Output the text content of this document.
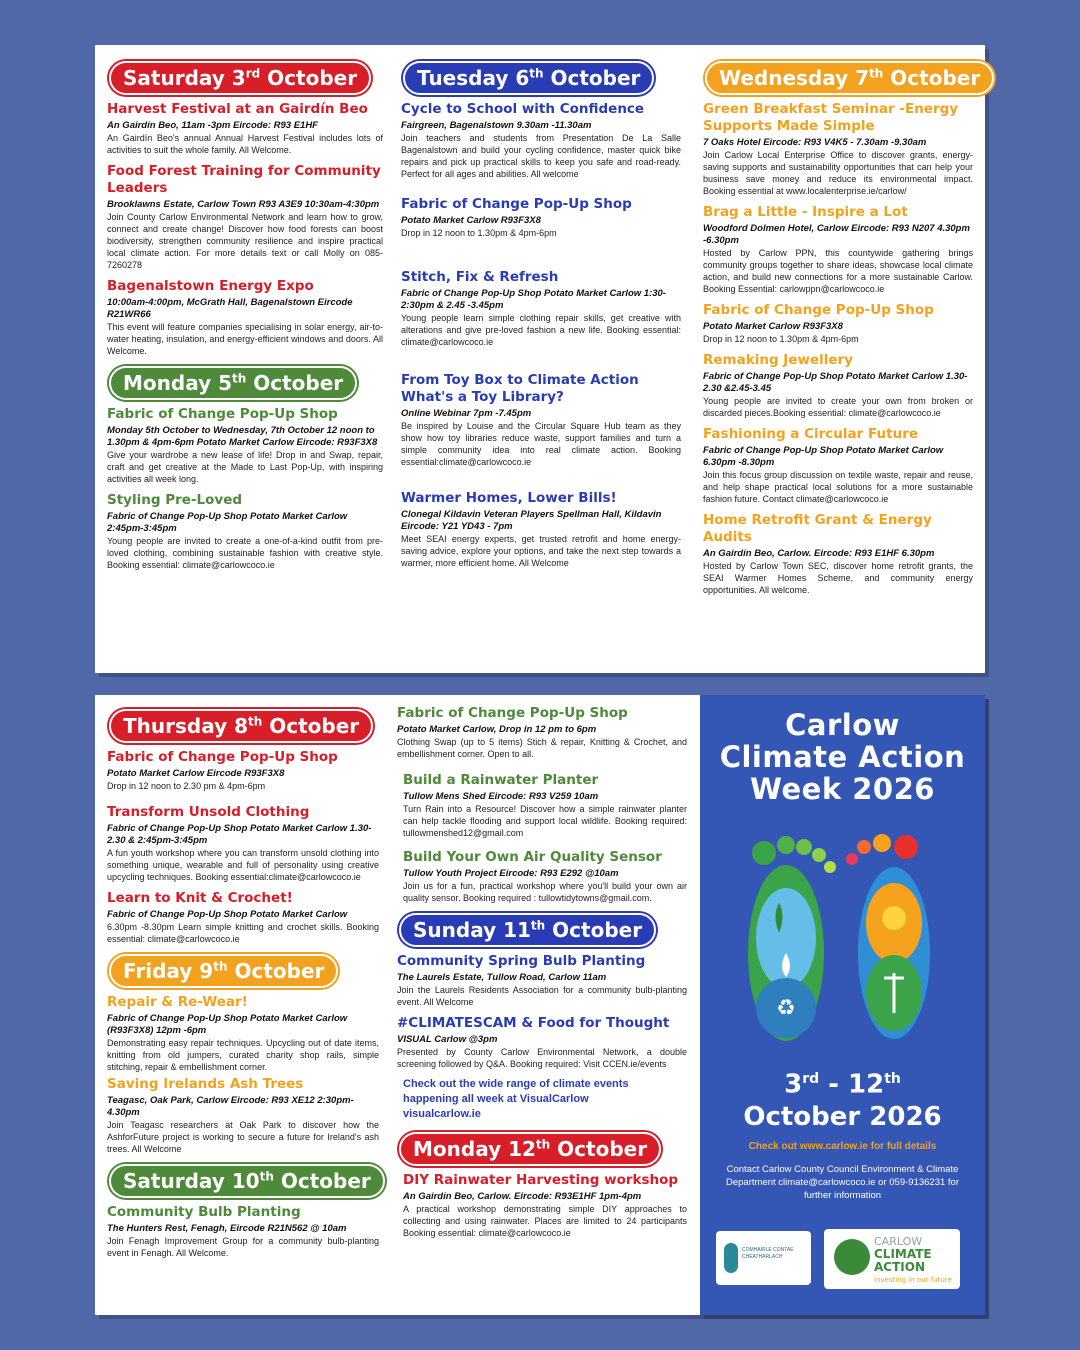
Saturday 3rd October
Harvest Festival at an Gairdín Beo

An Gairdín Beo, 11am -3pm Eircode: R93 E1HF

An Gairdín Beo's annual Annual Harvest Festival includes lots of activities to suit the whole family. All Welcome.

Food Forest Training for Community Leaders

Brooklawns Estate, Carlow Town R93 A3E9 10:30am-4:30pm

Join County Carlow Environmental Network and learn how to grow, connect and create change! Discover how food forests can boost biodiversity, strengthen community resilience and inspire practical local climate action. For more details text or call Molly on 085-7260278

Bagenalstown Energy Expo

10:00am-4:00pm, McGrath Hall, Bagenalstown Eircode R21WR66

This event will feature companies specialising in solar energy, air-to-water heating, insulation, and energy-efficient windows and doors. All Welcome.

Monday 5th October
Fabric of Change Pop-Up Shop

Monday 5th October to Wednesday, 7th October 12 noon to 1.30pm & 4pm-6pm Potato Market Carlow Eircode: R93F3X8

Give your wardrobe a new lease of life! Drop in and Swap, repair, craft and get creative at the Made to Last Pop-Up, with inspiring activities all week long.

Styling Pre-Loved

Fabric of Change Pop-Up Shop Potato Market Carlow 2:45pm-3:45pm

Young people are invited to create a one-of-a-kind outfit from pre-loved clothing, combining sustainable fashion with creative style. Booking essential: climate@carlowcoco.ie

Tuesday 6th October
Cycle to School with Confidence

Fairgreen, Bagenalstown 9.30am -11.30am

Join teachers and students from Presentation De La Salle Bagenalstown and build your cycling confidence, master quick bike repairs and pick up practical skills to keep you safe and road-ready. Perfect for all ages and abilities. All welcome

Fabric of Change Pop-Up Shop

Potato Market Carlow R93F3X8

Drop in 12 noon to 1.30pm & 4pm-6pm

Stitch, Fix & Refresh

Fabric of Change Pop-Up Shop Potato Market Carlow 1:30-2:30pm & 2.45 -3.45pm

Young people learn simple clothing repair skills, get creative with alterations and give pre-loved fashion a new life. Booking essential: climate@carlowcoco.ie

From Toy Box to Climate Action What's a Toy Library?

Online Webinar 7pm -7.45pm

Be inspired by Louise and the Circular Square Hub team as they show how toy libraries reduce waste, support families and turn a simple community idea into real climate action. Booking essential:climate@carlowcoco.ie

Warmer Homes, Lower Bills!

Clonegal Kildavin Veteran Players Spellman Hall, Kildavin Eircode: Y21 YD43 - 7pm

Meet SEAI energy experts, get trusted retrofit and home energy-saving advice, explore your options, and take the next step towards a warmer, more efficient home. All Welcome

Wednesday 7th October
Green Breakfast Seminar -Energy Supports Made Simple

7 Oaks Hotel Eircode: R93 V4K5 - 7.30am -9.30am

Join Carlow Local Enterprise Office to discover grants, energy-saving supports and sustainability opportunities that can help your business save money and reduce its environmental impact. Booking essential at www.localenterprise.ie/carlow/

Brag a Little - Inspire a Lot

Woodford Dolmen Hotel, Carlow Eircode: R93 N207 4.30pm -6.30pm

Hosted by Carlow PPN, this countywide gathering brings community groups together to share ideas, showcase local climate action, and build new connections for a more sustainable Carlow. Booking Essential: carlowppn@carlowcoco.ie

Fabric of Change Pop-Up Shop

Potato Market Carlow R93F3X8

Drop in 12 noon to 1.30pm & 4pm-6pm

Remaking Jewellery

Fabric of Change Pop-Up Shop Potato Market Carlow 1.30-2.30 &2.45-3.45

Young people are invited to create your own from broken or discarded pieces.Booking essential: climate@carlowcoco.ie

Fashioning a Circular Future

Fabric of Change Pop-Up Shop Potato Market Carlow 6.30pm -8.30pm

Join this focus group discussion on textile waste, repair and reuse, and help shape practical local solutions for a more sustainable fashion future. Contact climate@carlowcoco.ie

Home Retrofit Grant & Energy Audits

An Gairdín Beo, Carlow. Eircode: R93 E1HF 6.30pm

Hosted by Carlow Town SEC, discover home retrofit grants, the SEAI Warmer Homes Scheme, and community energy opportunities. All welcome.

Thursday 8th October
Fabric of Change Pop-Up Shop

Potato Market Carlow Eircode R93F3X8

Drop in 12 noon to 2.30 pm & 4pm-6pm

Transform Unsold Clothing

Fabric of Change Pop-Up Shop Potato Market Carlow 1.30-2.30 & 2:45pm-3:45pm

A fun youth workshop where you can transform unsold clothing into something unique, wearable and full of personality using creative upcycling techniques. Booking essential:climate@carlowcoco.ie

Learn to Knit & Crochet!

Fabric of Change Pop-Up Shop Potato Market Carlow

6.30pm -8.30pm Learn simple knitting and crochet skills. Booking essential: climate@carlowcoco.ie

Friday 9th October
Repair & Re-Wear!

Fabric of Change Pop-Up Shop Potato Market Carlow (R93F3X8) 12pm -6pm

Demonstrating easy repair techniques. Upcycling out of date items, knitting from old jumpers, curated charity shop rails, simple stitching, repair & embellishment corner.

Saving Irelands Ash Trees

Teagasc, Oak Park, Carlow Eircode: R93 XE12 2:30pm-4.30pm

Join Teagasc researchers at Oak Park to discover how the AshforFuture project is working to secure a future for Ireland's ash trees. All Welcome

Saturday 10th October
Community Bulb Planting

The Hunters Rest, Fenagh, Eircode R21N562 @ 10am

Join Fenagh Improvement Group for a community bulb-planting event in Fenagh. All Welcome.

Fabric of Change Pop-Up Shop

Potato Market Carlow, Drop in 12 pm to 6pm

Clothing Swap (up to 5 items) Stich & repair, Knitting & Crochet, and embellishment corner. Open to all.

Build a Rainwater Planter

Tullow Mens Shed Eircode: R93 V259 10am

Turn Rain into a Resource! Discover how a simple rainwater planter can help tackle flooding and support local wildlife. Booking required: tullowmenshed12@gmail.com

Build Your Own Air Quality Sensor

Tullow Youth Project Eircode: R93 E292 @10am

Join us for a fun, practical workshop where you'll build your own air quality sensor. Booking required : tullowtidytowns@gmail.com.

Sunday 11th October
Community Spring Bulb Planting

The Laurels Estate, Tullow Road, Carlow 11am

Join the Laurels Residents Association for a community bulb-planting event. All Welcome

#CLIMATESCAM & Food for Thought

VISUAL Carlow @3pm

Presented by County Carlow Environmental Network, a double screening followed by Q&A. Booking required: Visit CCEN.ie/events

Check out the wide range of climate events happening all week at VisualCarlow visualcarlow.ie

Monday 12th October
DIY Rainwater Harvesting workshop

An Gairdín Beo, Carlow. Eircode: R93E1HF 1pm-4pm

A practical workshop demonstrating simple DIY approaches to collecting and using rainwater. Places are limited to 24 participants Booking essential: climate@carlowcoco.ie

Carlow
Climate Action
Week 2026
♻
3rd - 12th
October 2026
Check out www.carlow.ie for full details
Contact Carlow County Council Environment & Climate Department climate@carlowcoco.ie or 059-9136231 for further information
COMHAIRLE CONTAE CHEATHARLACH
CARLOW
CLIMATE
ACTION
investing in our future
